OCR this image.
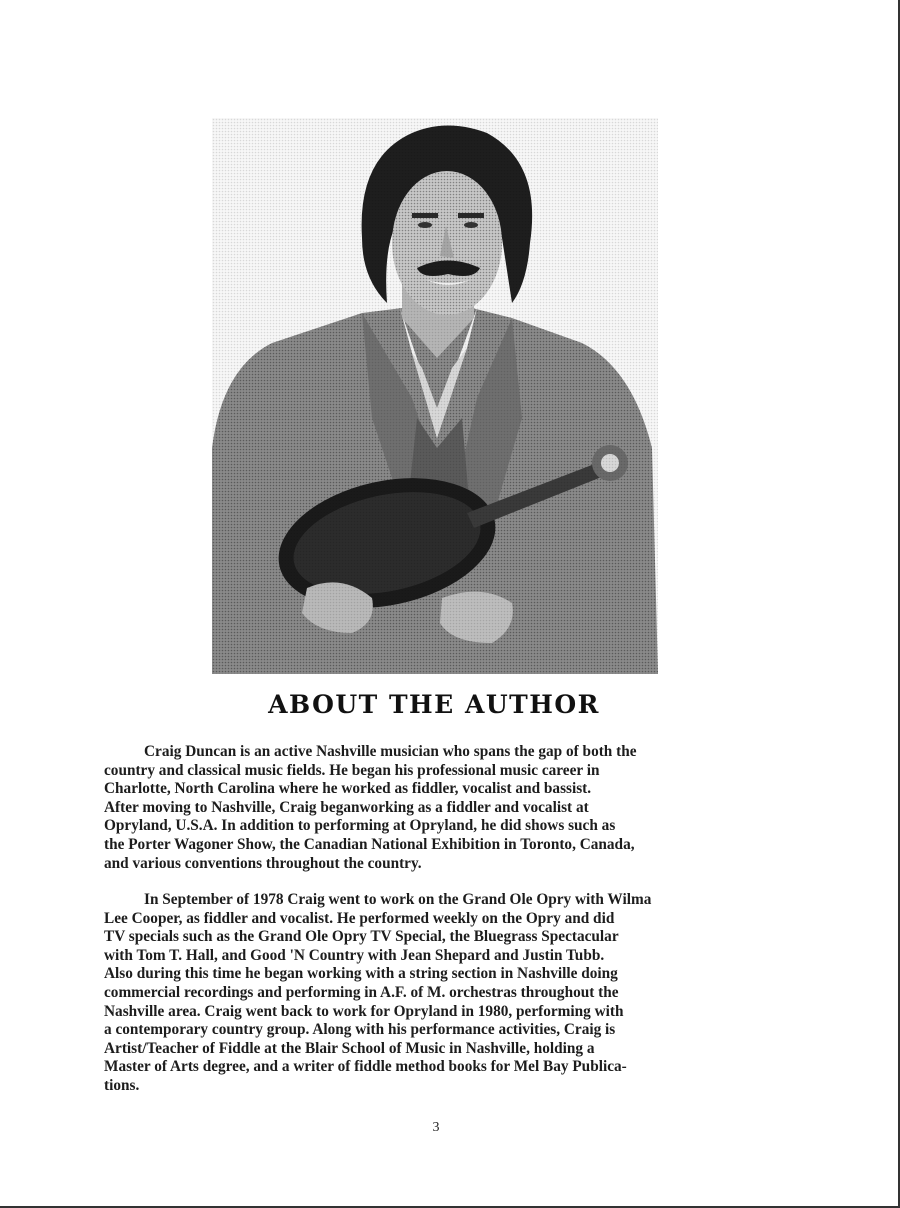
ABOUT THE AUTHOR
Craig Duncan is an active Nashville musician who spans the gap of both the
country and classical music fields. He began his professional music career in
Charlotte, North Carolina where he worked as fiddler, vocalist and bassist.
After moving to Nashville, Craig beganworking as a fiddler and vocalist at
Opryland, U.S.A. In addition to performing at Opryland, he did shows such as
the Porter Wagoner Show, the Canadian National Exhibition in Toronto, Canada,
and various conventions throughout the country.
In September of 1978 Craig went to work on the Grand Ole Opry with Wilma
Lee Cooper, as fiddler and vocalist. He performed weekly on the Opry and did
TV specials such as the Grand Ole Opry TV Special, the Bluegrass Spectacular
with Tom T. Hall, and Good 'N Country with Jean Shepard and Justin Tubb.
Also during this time he began working with a string section in Nashville doing
commercial recordings and performing in A.F. of M. orchestras throughout the
Nashville area. Craig went back to work for Opryland in 1980, performing with
a contemporary country group. Along with his performance activities, Craig is
Artist/Teacher of Fiddle at the Blair School of Music in Nashville, holding a
Master of Arts degree, and a writer of fiddle method books for Mel Bay Publica-
tions.
3
